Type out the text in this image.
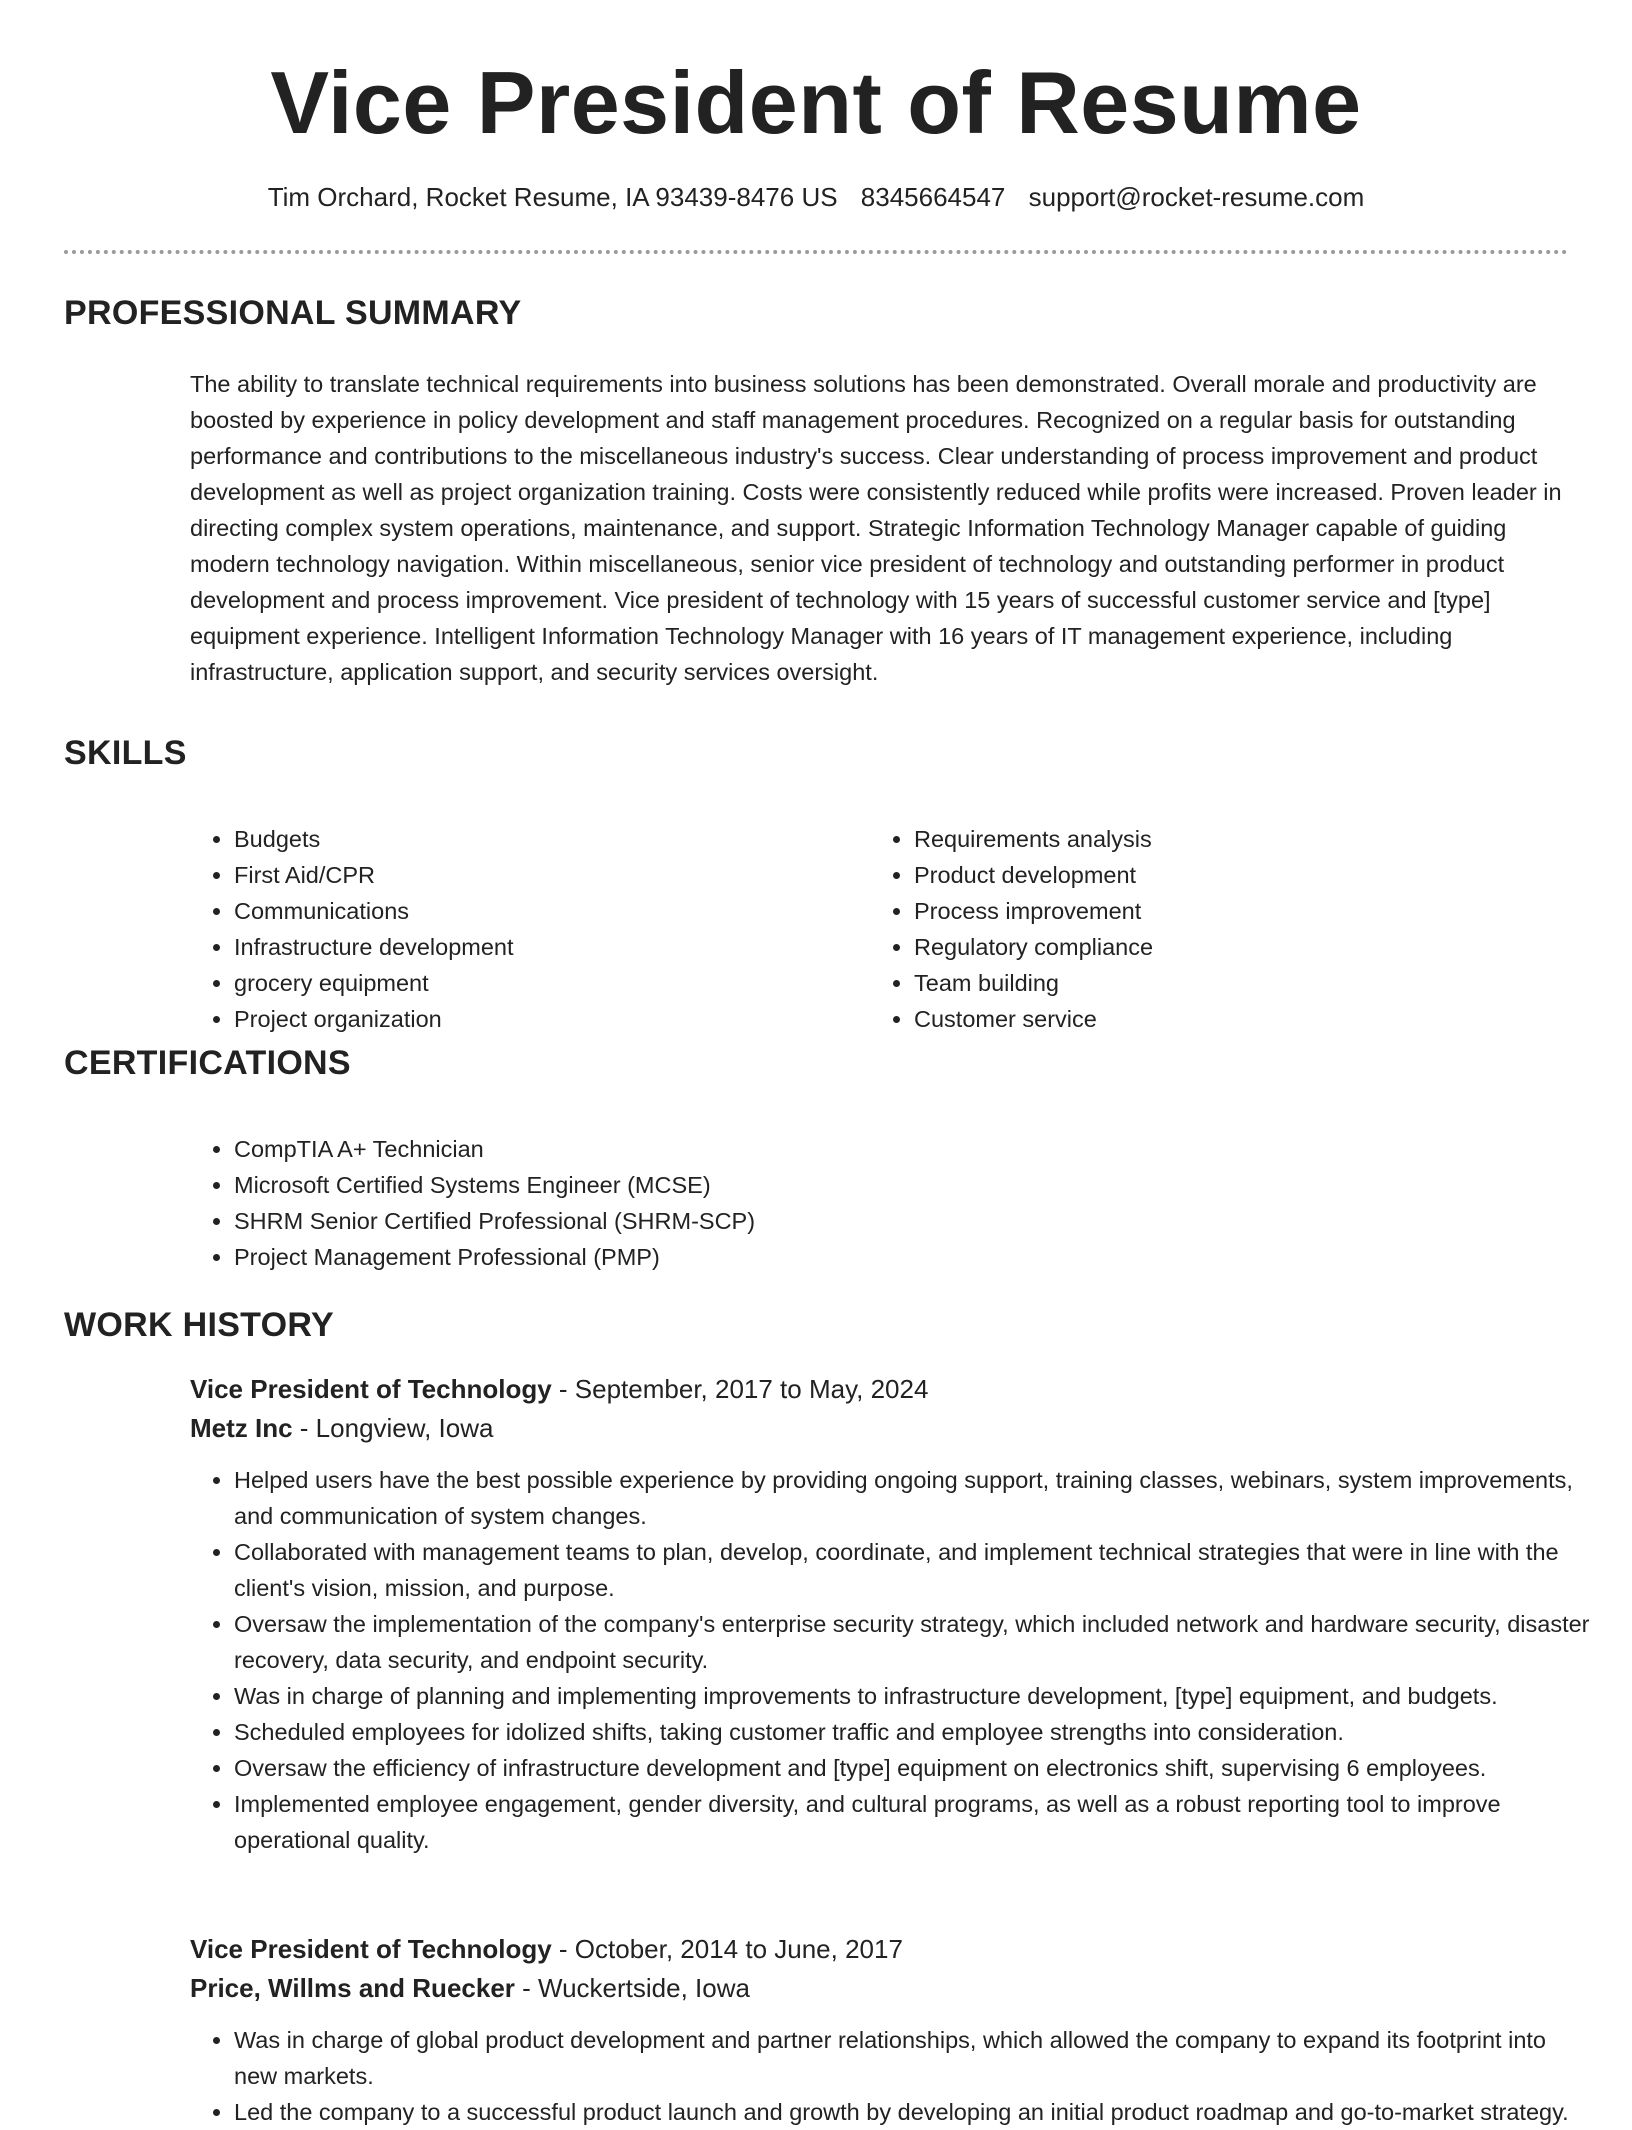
Vice President of Resume
Tim Orchard, Rocket Resume, IA 93439-8476 US 8345664547 support@rocket-resume.com
PROFESSIONAL SUMMARY
The ability to translate technical requirements into business solutions has been demonstrated. Overall morale and productivity are boosted by experience in policy development and staff management procedures. Recognized on a regular basis for outstanding performance and contributions to the miscellaneous industry's success. Clear understanding of process improvement and product development as well as project organization training. Costs were consistently reduced while profits were increased. Proven leader in directing complex system operations, maintenance, and support. Strategic Information Technology Manager capable of guiding modern technology navigation. Within miscellaneous, senior vice president of technology and outstanding performer in product development and process improvement. Vice president of technology with 15 years of successful customer service and [type] equipment experience. Intelligent Information Technology Manager with 16 years of IT management experience, including infrastructure, application support, and security services oversight.
SKILLS
• Budgets
• First Aid/CPR
• Communications
• Infrastructure development
• grocery equipment
• Project organization
• Requirements analysis
• Product development
• Process improvement
• Regulatory compliance
• Team building
• Customer service
CERTIFICATIONS
• CompTIA A+ Technician
• Microsoft Certified Systems Engineer (MCSE)
• SHRM Senior Certified Professional (SHRM-SCP)
• Project Management Professional (PMP)
WORK HISTORY
Vice President of Technology - September, 2017 to May, 2024
Metz Inc - Longview, Iowa
• Helped users have the best possible experience by providing ongoing support, training classes, webinars, system improvements, and communication of system changes.
• Collaborated with management teams to plan, develop, coordinate, and implement technical strategies that were in line with the client's vision, mission, and purpose.
• Oversaw the implementation of the company's enterprise security strategy, which included network and hardware security, disaster recovery, data security, and endpoint security.
• Was in charge of planning and implementing improvements to infrastructure development, [type] equipment, and budgets.
• Scheduled employees for idolized shifts, taking customer traffic and employee strengths into consideration.
• Oversaw the efficiency of infrastructure development and [type] equipment on electronics shift, supervising 6 employees.
• Implemented employee engagement, gender diversity, and cultural programs, as well as a robust reporting tool to improve operational quality.
Vice President of Technology - October, 2014 to June, 2017
Price, Willms and Ruecker - Wuckertside, Iowa
• Was in charge of global product development and partner relationships, which allowed the company to expand its footprint into new markets.
• Led the company to a successful product launch and growth by developing an initial product roadmap and go-to-market strategy.
